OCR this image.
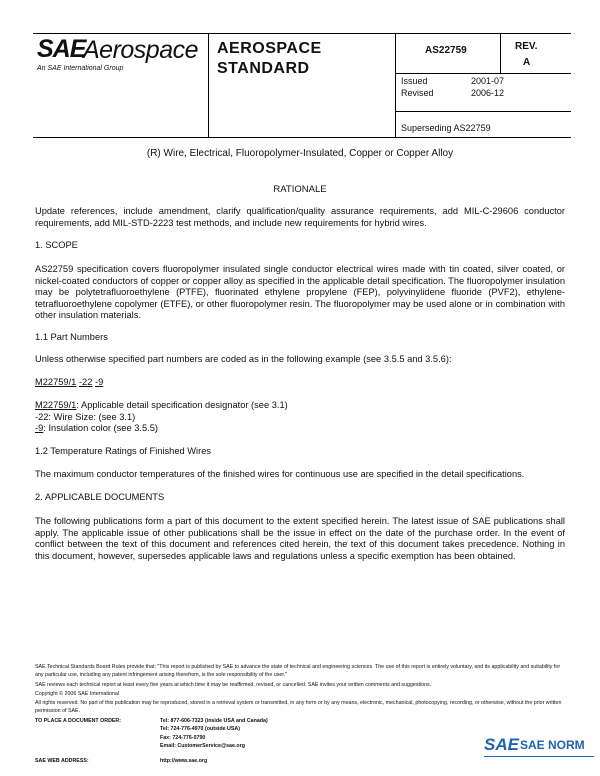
SAE
Aerospace
An SAE International Group
AEROSPACE
STANDARD
AS22759	REV.
A
Issued	2001-07
Revised	2006-12
Superseding AS22759
(R) Wire, Electrical, Fluoropolymer-Insulated, Copper or Copper Alloy
RATIONALE
Update references, include amendment, clarify qualification/quality assurance requirements, add MIL-C-29606 conductor requirements, add MIL-STD-2223 test methods, and include new requirements for hybrid wires.
1. SCOPE
AS22759 specification covers fluoropolymer insulated single conductor electrical wires made with tin coated, silver coated, or nickel-coated conductors of copper or copper alloy as specified in the applicable detail specification. The fluoropolymer insulation may be polytetrafluoroethylene (PTFE), fluorinated ethylene propylene (FEP), polyvinylidene fluoride (PVF2), ethylene-tetrafluoroethylene copolymer (ETFE), or other fluoropolymer resin. The fluoropolymer may be used alone or in combination with other insulation materials.
1.1 Part Numbers
Unless otherwise specified part numbers are coded as in the following example (see 3.5.5 and 3.5.6):
M22759/1 -22 -9
M22759/1: Applicable detail specification designator (see 3.1)
-22: Wire Size: (see 3.1)
-9: Insulation color (see 3.5.5)
1.2 Temperature Ratings of Finished Wires
The maximum conductor temperatures of the finished wires for continuous use are specified in the detail specifications.
2. APPLICABLE DOCUMENTS
The following publications form a part of this document to the extent specified herein. The latest issue of SAE publications shall apply. The applicable issue of other publications shall be the issue in effect on the date of the purchase order. In the event of conflict between the text of this document and references cited herein, the text of this document takes precedence. Nothing in this document, however, supersedes applicable laws and regulations unless a specific exemption has been obtained.
SAE Technical Standards Board Rules provide that: "This report is published by SAE to advance the state of technical and engineering sciences. The use of this report is entirely voluntary, and its applicability and suitability for any particular use, including any patent infringement arising therefrom, is the sole responsibility of the user."
SAE reviews each technical report at least every five years at which time it may be reaffirmed, revised, or cancelled. SAE invites your written comments and suggestions.
Copyright © 2006 SAE International
All rights reserved. No part of this publication may be reproduced, stored in a retrieval system or transmitted, in any form or by any means, electronic, mechanical, photocopying, recording, or otherwise, without the prior written permission of SAE.
TO PLACE A DOCUMENT ORDER:	Tel: 877-606-7323 (inside USA and Canada)
Tel: 724-776-4970 (outside USA)
Fax: 724-776-0790
Email: CustomerService@sae.org
SAE WEB ADDRESS:	http://www.sae.org
SAE SAE NORM
